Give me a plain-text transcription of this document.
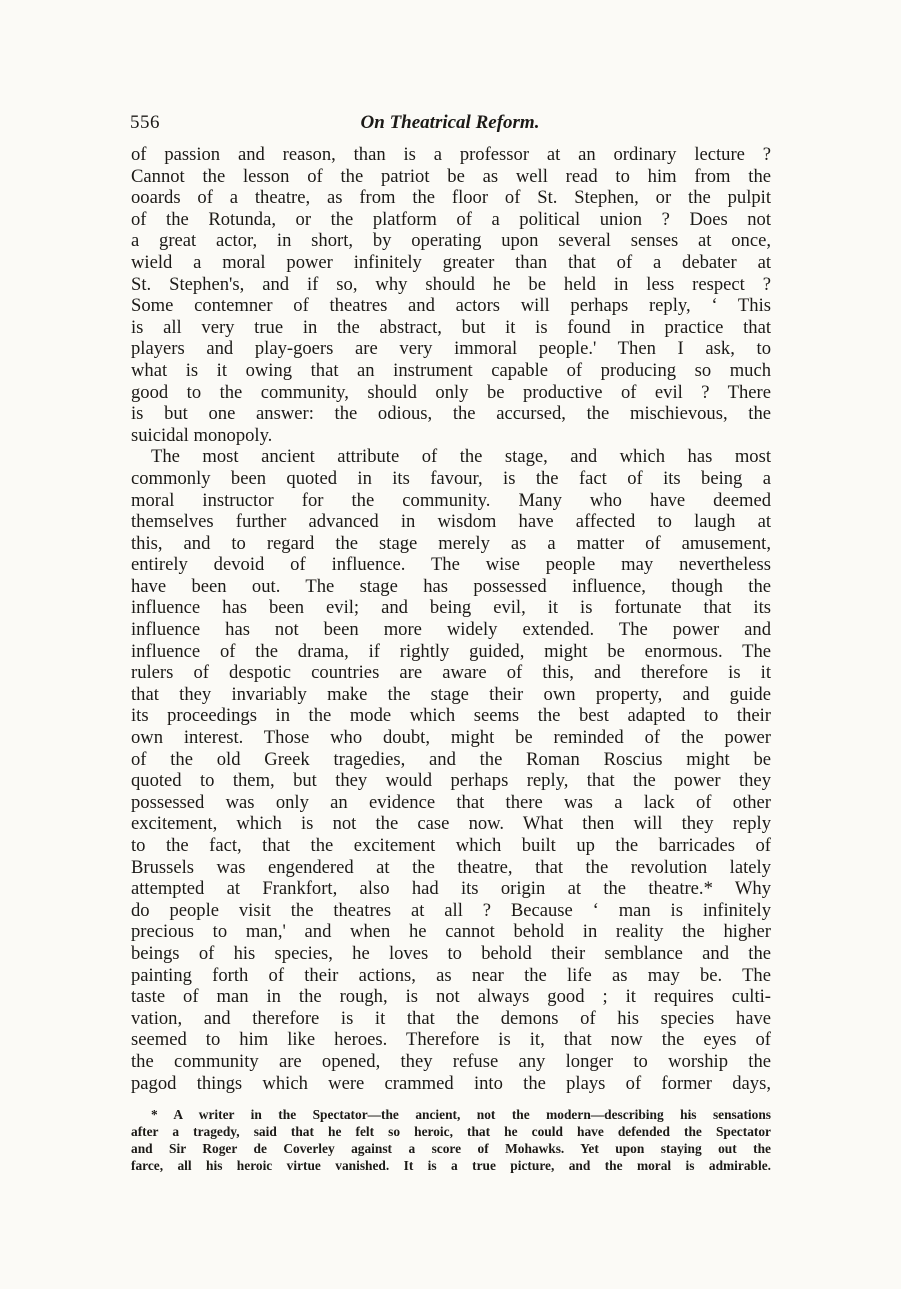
556	On Theatrical Reform.
of passion and reason, than is a professor at an ordinary lecture ?
Cannot the lesson of the patriot be as well read to him from the
ooards of a theatre, as from the floor of St. Stephen, or the pulpit
of the Rotunda, or the platform of a political union ? Does not
a great actor, in short, by operating upon several senses at once,
wield a moral power infinitely greater than that of a debater at
St. Stephen's, and if so, why should he be held in less respect ?
Some contemner of theatres and actors will perhaps reply, ‘ This
is all very true in the abstract, but it is found in practice that
players and play-goers are very immoral people.' Then I ask, to
what is it owing that an instrument capable of producing so much
good to the community, should only be productive of evil ? There
is but one answer: the odious, the accursed, the mischievous, the
suicidal monopoly.
The most ancient attribute of the stage, and which has most
commonly been quoted in its favour, is the fact of its being a
moral instructor for the community. Many who have deemed
themselves further advanced in wisdom have affected to laugh at
this, and to regard the stage merely as a matter of amusement,
entirely devoid of influence. The wise people may nevertheless
have been out. The stage has possessed influence, though the
influence has been evil; and being evil, it is fortunate that its
influence has not been more widely extended. The power and
influence of the drama, if rightly guided, might be enormous. The
rulers of despotic countries are aware of this, and therefore is it
that they invariably make the stage their own property, and guide
its proceedings in the mode which seems the best adapted to their
own interest. Those who doubt, might be reminded of the power
of the old Greek tragedies, and the Roman Roscius might be
quoted to them, but they would perhaps reply, that the power they
possessed was only an evidence that there was a lack of other
excitement, which is not the case now. What then will they reply
to the fact, that the excitement which built up the barricades of
Brussels was engendered at the theatre, that the revolution lately
attempted at Frankfort, also had its origin at the theatre.* Why
do people visit the theatres at all ? Because ‘ man is infinitely
precious to man,' and when he cannot behold in reality the higher
beings of his species, he loves to behold their semblance and the
painting forth of their actions, as near the life as may be. The
taste of man in the rough, is not always good ; it requires culti-
vation, and therefore is it that the demons of his species have
seemed to him like heroes. Therefore is it, that now the eyes of
the community are opened, they refuse any longer to worship the
pagod things which were crammed into the plays of former days,
* A writer in the Spectator—the ancient, not the modern—describing his sensations
after a tragedy, said that he felt so heroic, that he could have defended the Spectator
and Sir Roger de Coverley against a score of Mohawks. Yet upon staying out the
farce, all his heroic virtue vanished. It is a true picture, and the moral is admirable.
